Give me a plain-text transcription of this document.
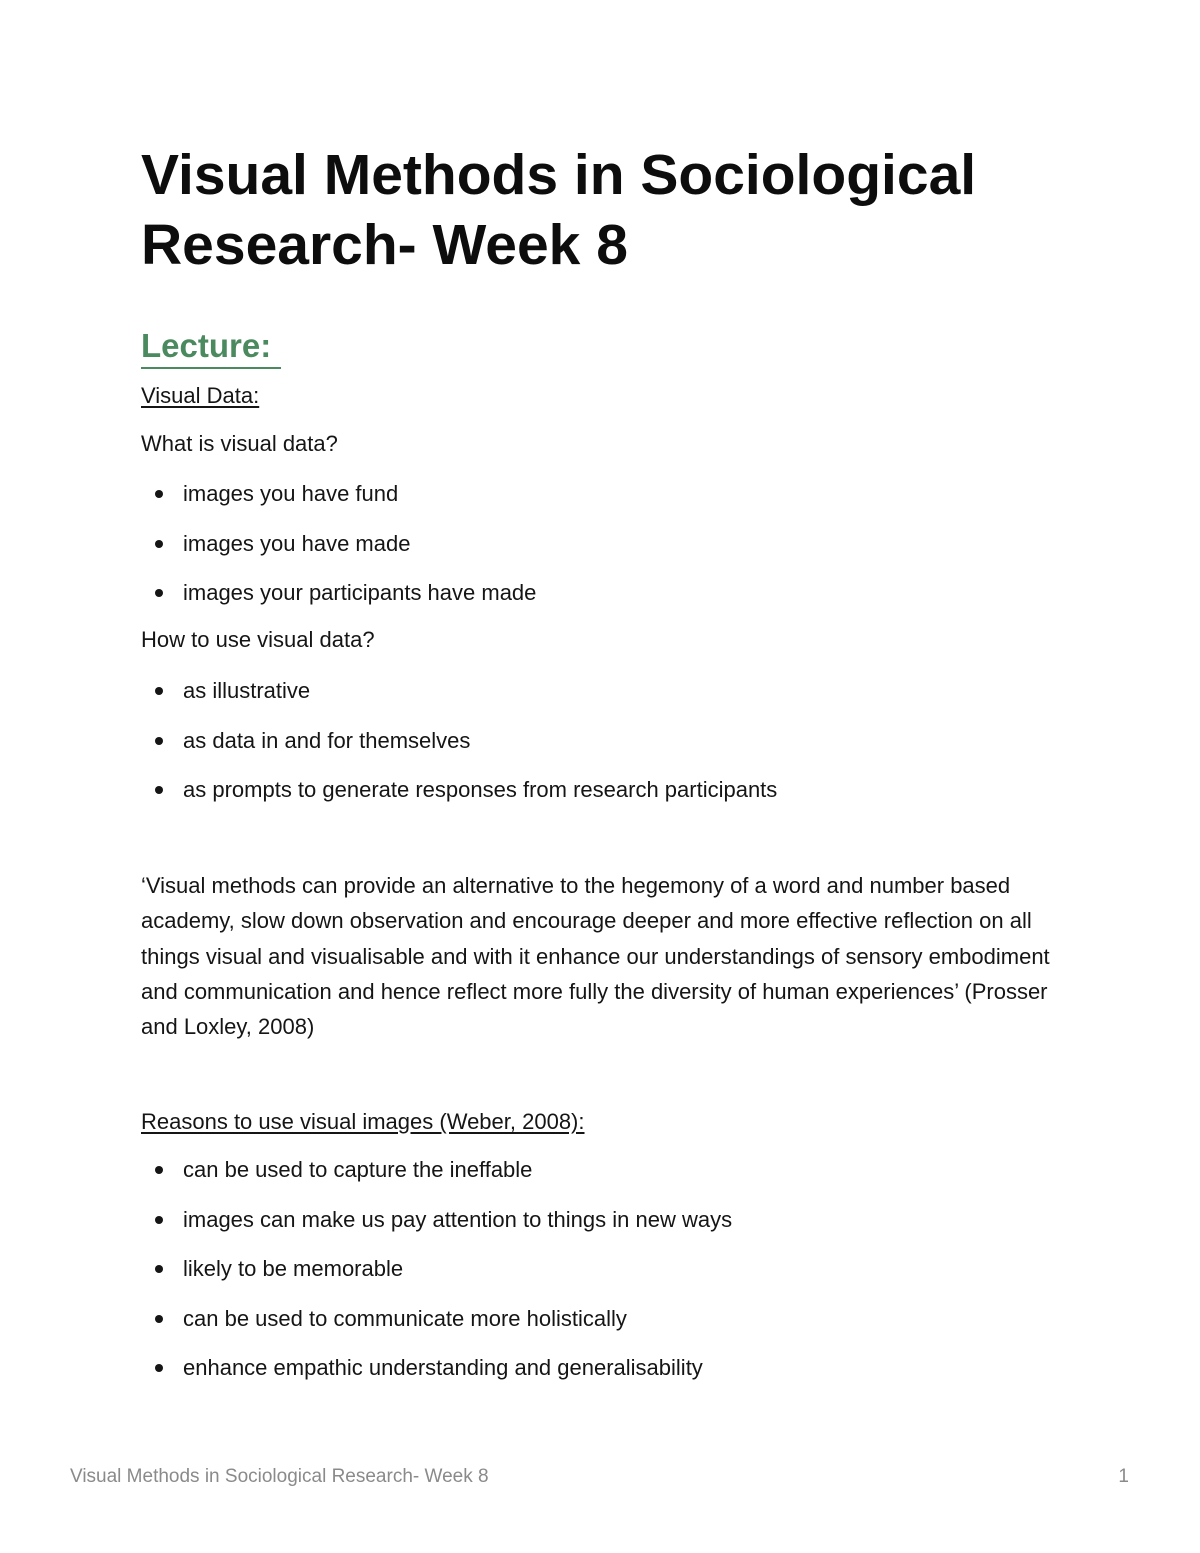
Visual Methods in Sociological Research- Week 8
Lecture:
Visual Data:
What is visual data?
images you have fund
images you have made
images your participants have made
How to use visual data?
as illustrative
as data in and for themselves
as prompts to generate responses from research participants

‘Visual methods can provide an alternative to the hegemony of a word and number based academy, slow down observation and encourage deeper and more effective reflection on all things visual and visualisable and with it enhance our understandings of sensory embodiment and communication and hence reflect more fully the diversity of human experiences’ (Prosser and Loxley, 2008)

Reasons to use visual images (Weber, 2008):
can be used to capture the ineffable
images can make us pay attention to things in new ways
likely to be memorable
can be used to communicate more holistically
enhance empathic understanding and generalisability
Visual Methods in Sociological Research- Week 8	1
